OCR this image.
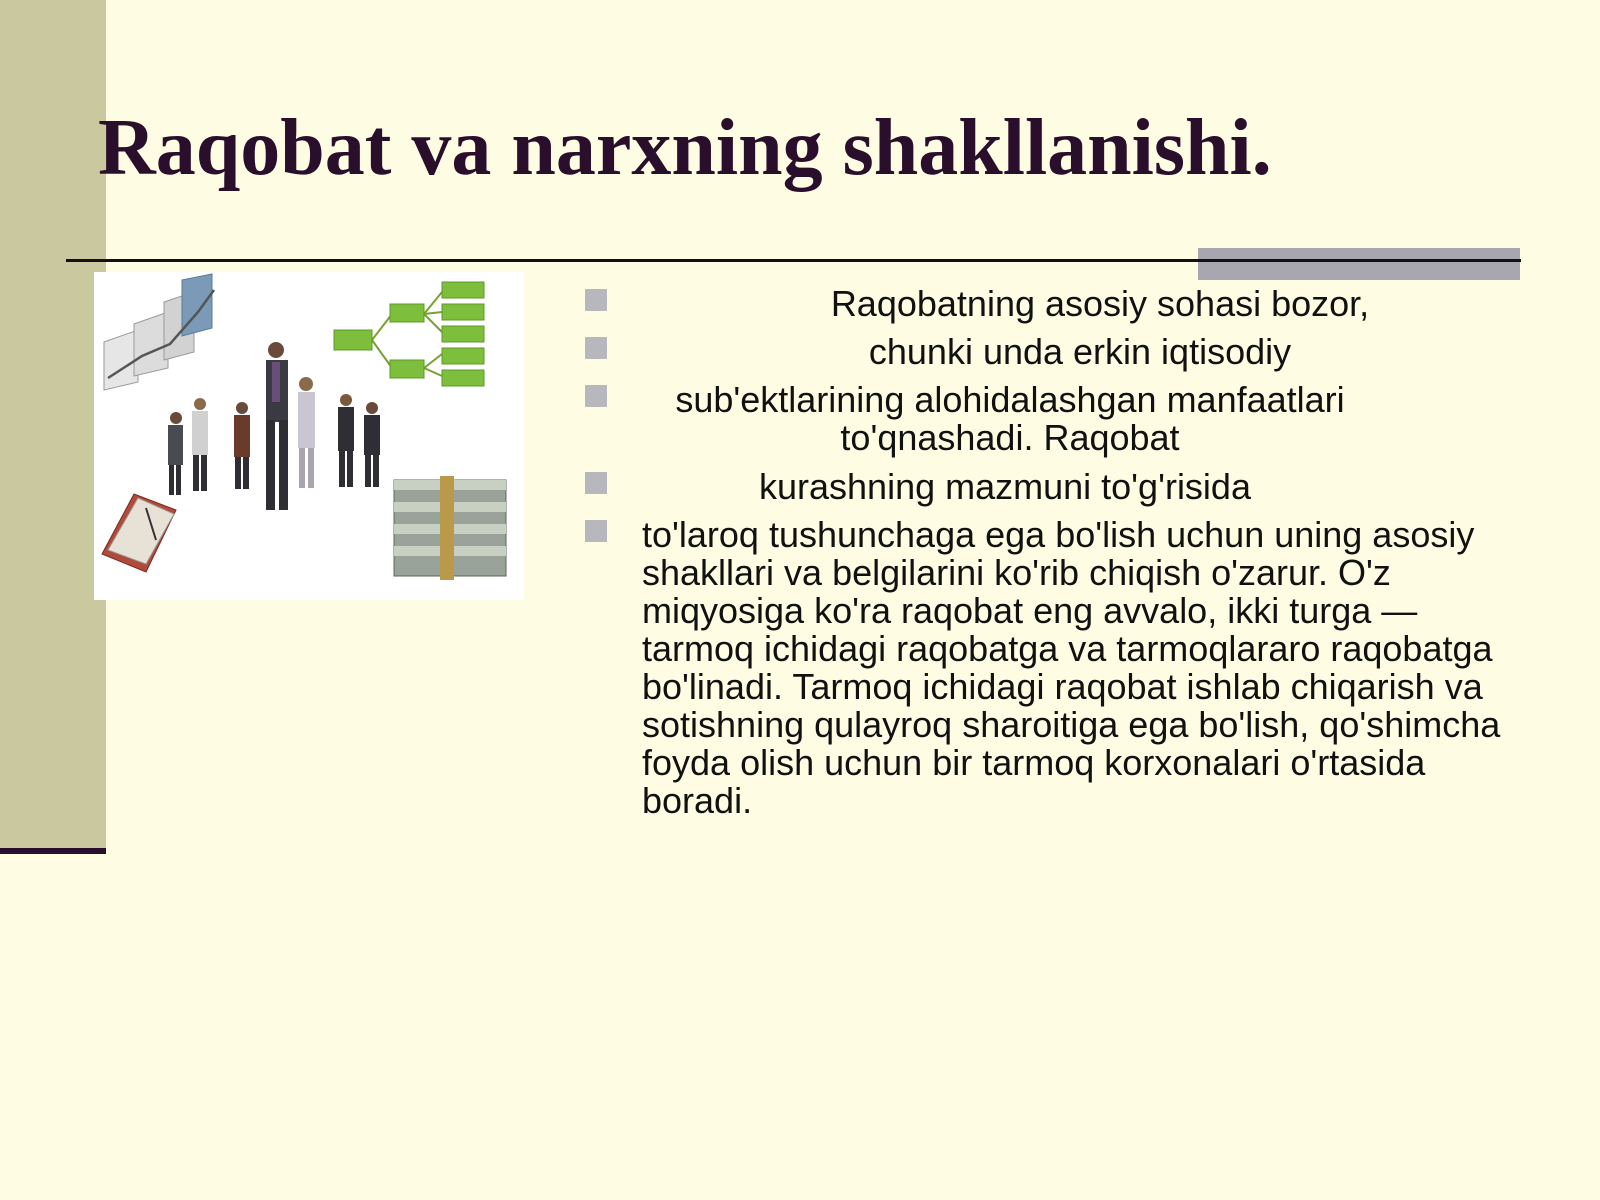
Raqobat va narxning shakllanishi.
Raqobatning asosiy sohasi bozor,
chunki unda erkin iqtisodiy
sub'ektlarining alohidalashgan manfaatlari to'qnashadi. Raqobat
kurashning mazmuni to'g'risida
to'laroq tushunchaga ega bo'lish uchun uning asosiy shakllari va belgilarini ko'rib chiqish o'zarur. O'z miqyosiga ko'ra raqobat eng avvalo, ikki turga — tarmoq ichidagi raqobatga va tarmoqlararo raqobatga bo'linadi. Tarmoq ichidagi raqobat ishlab chiqarish va sotishning qulayroq sharoitiga ega bo'lish, qo'shimcha foyda olish uchun bir tarmoq korxonalari o'rtasida boradi.
